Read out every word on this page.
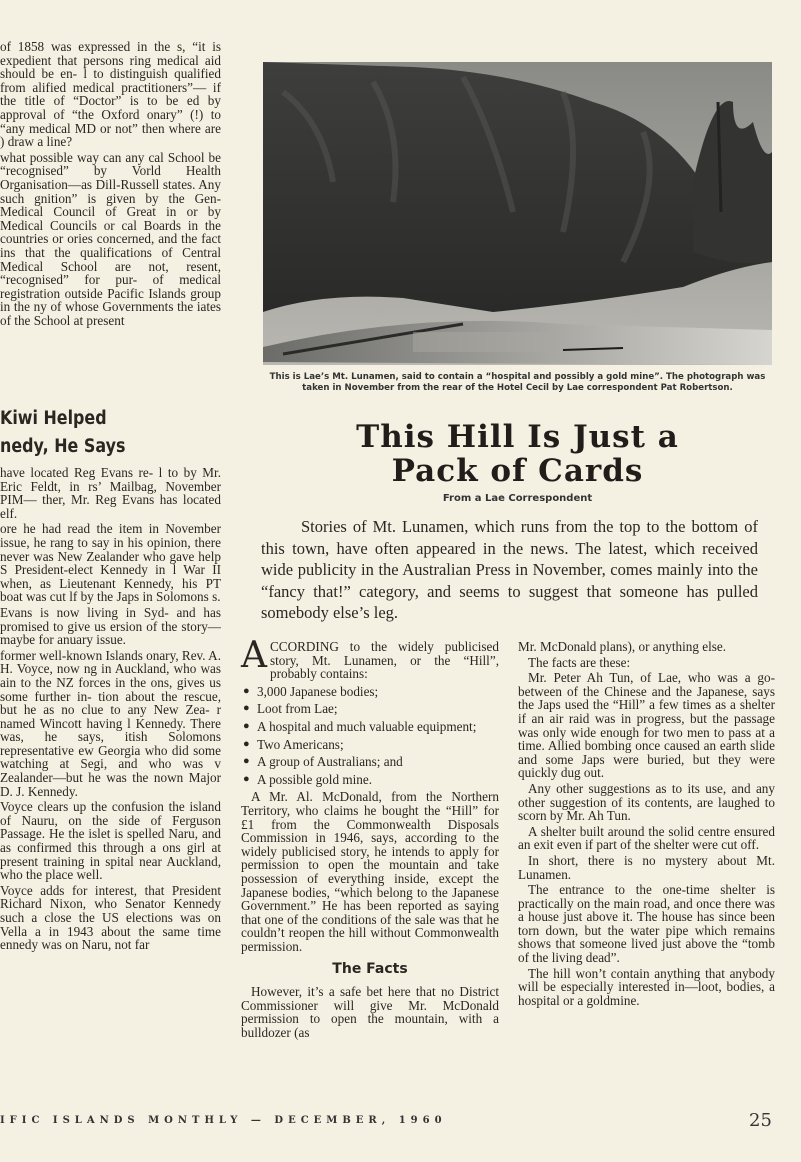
of 1858 was expressed in the s, “it is expedient that persons ring medical aid should be en- l to distinguish qualified from alified medical practitioners”— if the title of “Doctor” is to be ed by approval of “the Oxford onary” (!) to “any medical MD or not” then where are ) draw a line?

what possible way can any cal School be “recognised” by Vorld Health Organisation—as Dill-Russell states. Any such gnition” is given by the Gen- Medical Council of Great in or by Medical Councils or cal Boards in the countries or ories concerned, and the fact ins that the qualifications of Central Medical School are not, resent, “recognised” for pur- of medical registration outside Pacific Islands group in the ny of whose Governments the iates of the School at present

Kiwi Helped
nedy, He Says

have located Reg Evans re- l to by Mr. Eric Feldt, in rs’ Mailbag, November PIM— ther, Mr. Reg Evans has located elf.

ore he had read the item in November issue, he rang to say in his opinion, there never was New Zealander who gave help S President-elect Kennedy in l War II when, as Lieutenant Kennedy, his PT boat was cut lf by the Japs in Solomons s.

Evans is now living in Syd- and has promised to give us ersion of the story—maybe for anuary issue.

former well-known Islands onary, Rev. A. H. Voyce, now ng in Auckland, who was ain to the NZ forces in the ons, gives us some further in- tion about the rescue, but he as no clue to any New Zea- r named Wincott having l Kennedy. There was, he says, itish Solomons representative ew Georgia who did some watching at Segi, and who was v Zealander—but he was the nown Major D. J. Kennedy.

Voyce clears up the confusion the island of Nauru, on the side of Ferguson Passage. He the islet is spelled Naru, and as confirmed this through a ons girl at present training in spital near Auckland, who the place well.

Voyce adds for interest, that President Richard Nixon, who Senator Kennedy such a close the US elections was on Vella a in 1943 about the same time ennedy was on Naru, not far

This is Lae’s Mt. Lunamen, said to contain a “hospital and possibly a gold mine”. The photograph was taken in November from the rear of the Hotel Cecil by Lae correspondent Pat Robertson.
This Hill Is Just a
Pack of Cards
From a Lae Correspondent

Stories of Mt. Lunamen, which runs from the top to the bottom of this town, have often appeared in the news. The latest, which received wide publicity in the Australian Press in November, comes mainly into the “fancy that!” category, and seems to suggest that someone has pulled somebody else’s leg.

ACCORDING to the widely publicised story, Mt. Lunamen, or the “Hill”, probably contains:

● 3,000 Japanese bodies;
● Loot from Lae;
● A hospital and much valuable equipment;
● Two Americans;
● A group of Australians; and
● A possible gold mine.

A Mr. Al. McDonald, from the Northern Territory, who claims he bought the “Hill” for £1 from the Commonwealth Disposals Commission in 1946, says, according to the widely publicised story, he intends to apply for permission to open the mountain and take possession of everything inside, except the Japanese bodies, “which belong to the Japanese Government.” He has been reported as saying that one of the conditions of the sale was that he couldn’t reopen the hill without Commonwealth permission.

The Facts

However, it’s a safe bet here that no District Commissioner will give Mr. McDonald permission to open the mountain, with a bulldozer (as

Mr. McDonald plans), or anything else.

The facts are these:

Mr. Peter Ah Tun, of Lae, who was a go-between of the Chinese and the Japanese, says the Japs used the “Hill” a few times as a shelter if an air raid was in progress, but the passage was only wide enough for two men to pass at a time. Allied bombing once caused an earth slide and some Japs were buried, but they were quickly dug out.

Any other suggestions as to its use, and any other suggestion of its contents, are laughed to scorn by Mr. Ah Tun.

A shelter built around the solid centre ensured an exit even if part of the shelter were cut off.

In short, there is no mystery about Mt. Lunamen.

The entrance to the one-time shelter is practically on the main road, and once there was a house just above it. The house has since been torn down, but the water pipe which remains shows that someone lived just above the “tomb of the living dead”.

The hill won’t contain anything that anybody will be especially interested in—loot, bodies, a hospital or a goldmine.

IFIC ISLANDS MONTHLY — DECEMBER, 1960	25
